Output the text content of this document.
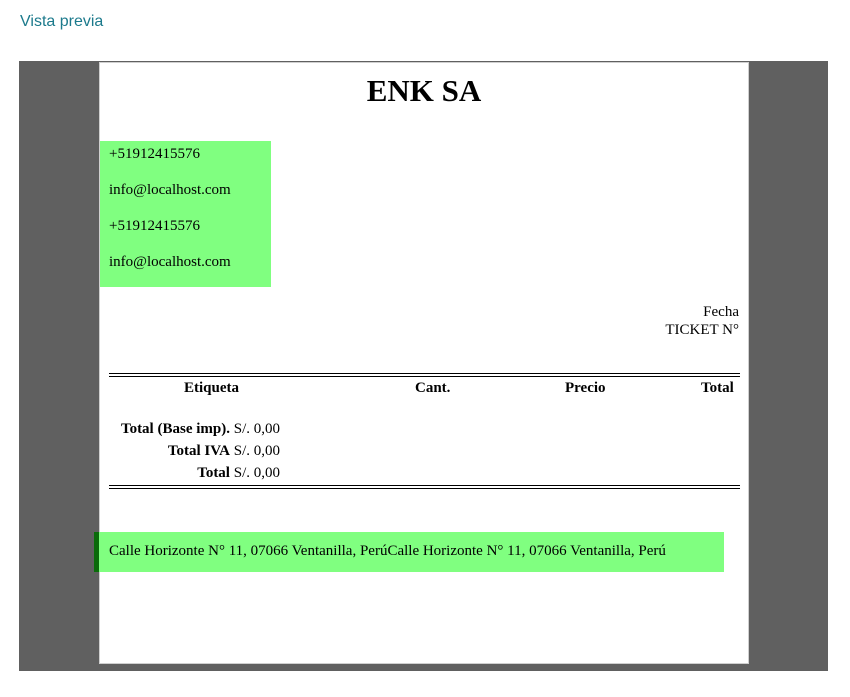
Vista previa
ENK SA
+51912415576
info@localhost.com
+51912415576
info@localhost.com
Fecha
TICKET N°
Etiqueta	Cant.	Precio	Total
Total (Base imp). S/. 0,00
Total IVA S/. 0,00
Total S/. 0,00
Calle Horizonte N° 11, 07066 Ventanilla, PerúCalle Horizonte N° 11, 07066 Ventanilla, Perú
